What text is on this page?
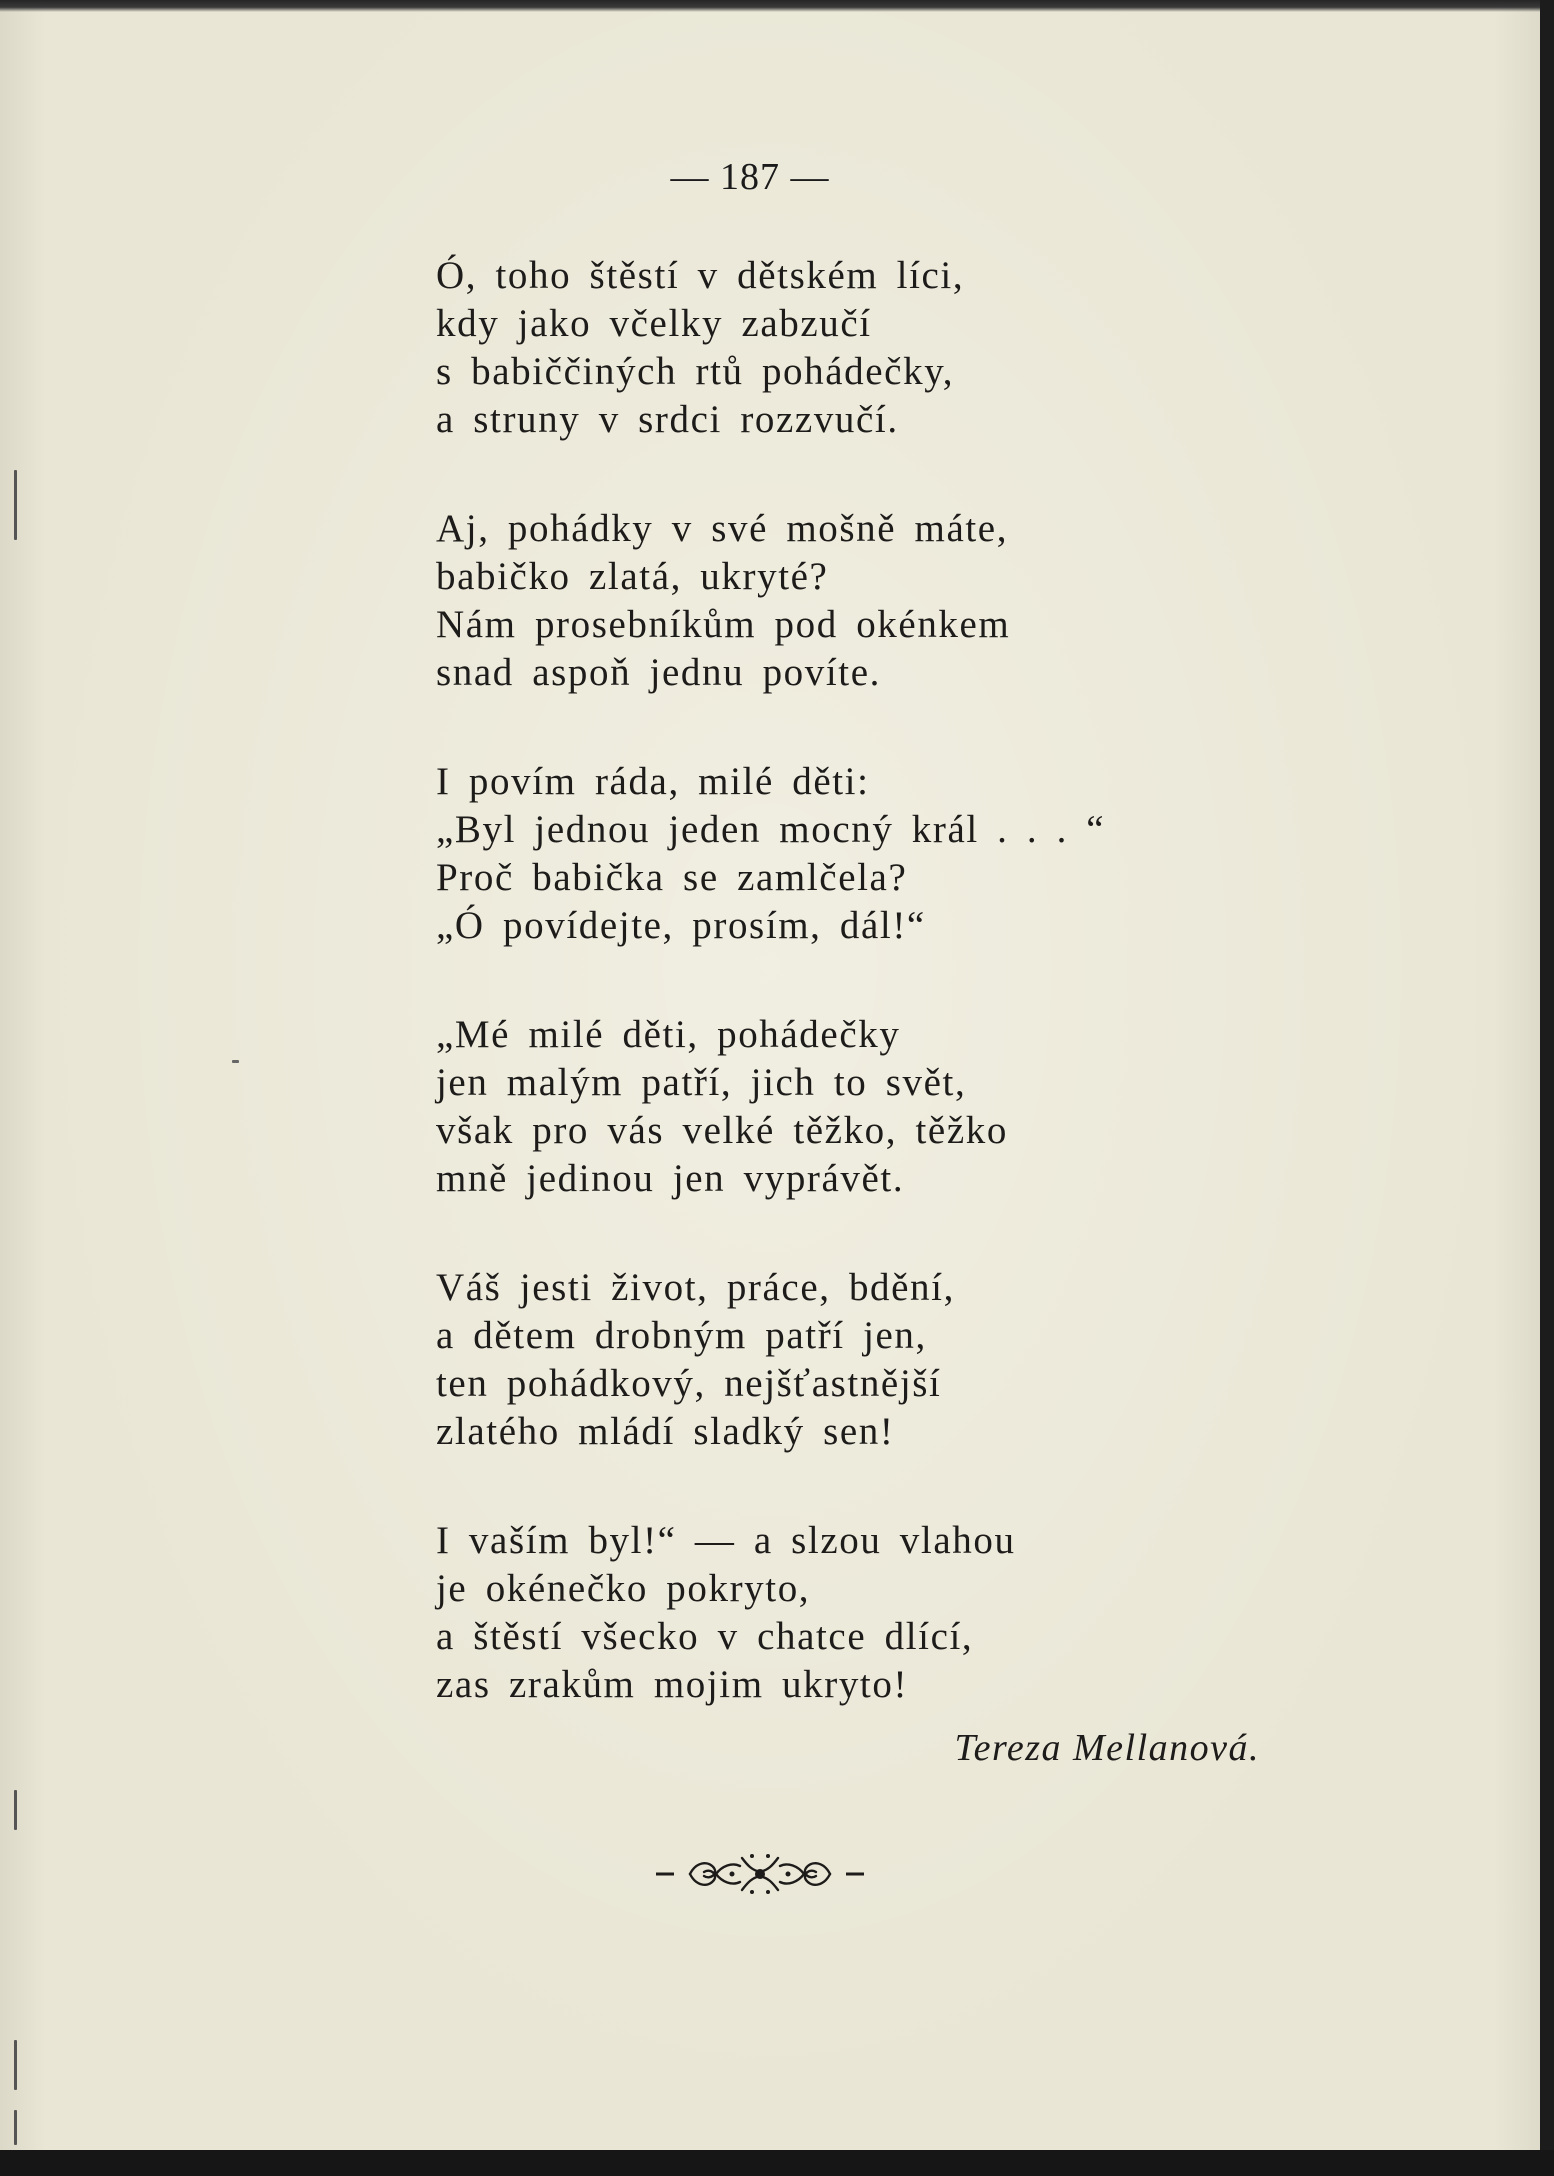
— 187 —
Ó, toho štěstí v dětském líci,
kdy jako včelky zabzučí
s babiččiných rtů pohádečky,
a struny v srdci rozzvučí.
Aj, pohádky v své mošně máte,
babičko zlatá, ukryté?
Nám prosebníkům pod okénkem
snad aspoň jednu povíte.
I povím ráda, milé děti:
„Byl jednou jeden mocný král . . . “
Proč babička se zamlčela?
„Ó povídejte, prosím, dál!“
„Mé milé děti, pohádečky
jen malým patří, jich to svět,
však pro vás velké těžko, těžko
mně jedinou jen vyprávět.
Váš jesti život, práce, bdění,
a dětem drobným patří jen,
ten pohádkový, nejšťastnější
zlatého mládí sladký sen!
I vaším byl!“ — a slzou vlahou
je okénečko pokryto,
a štěstí všecko v chatce dlící,
zas zrakům mojim ukryto!
Tereza Mellanová.
